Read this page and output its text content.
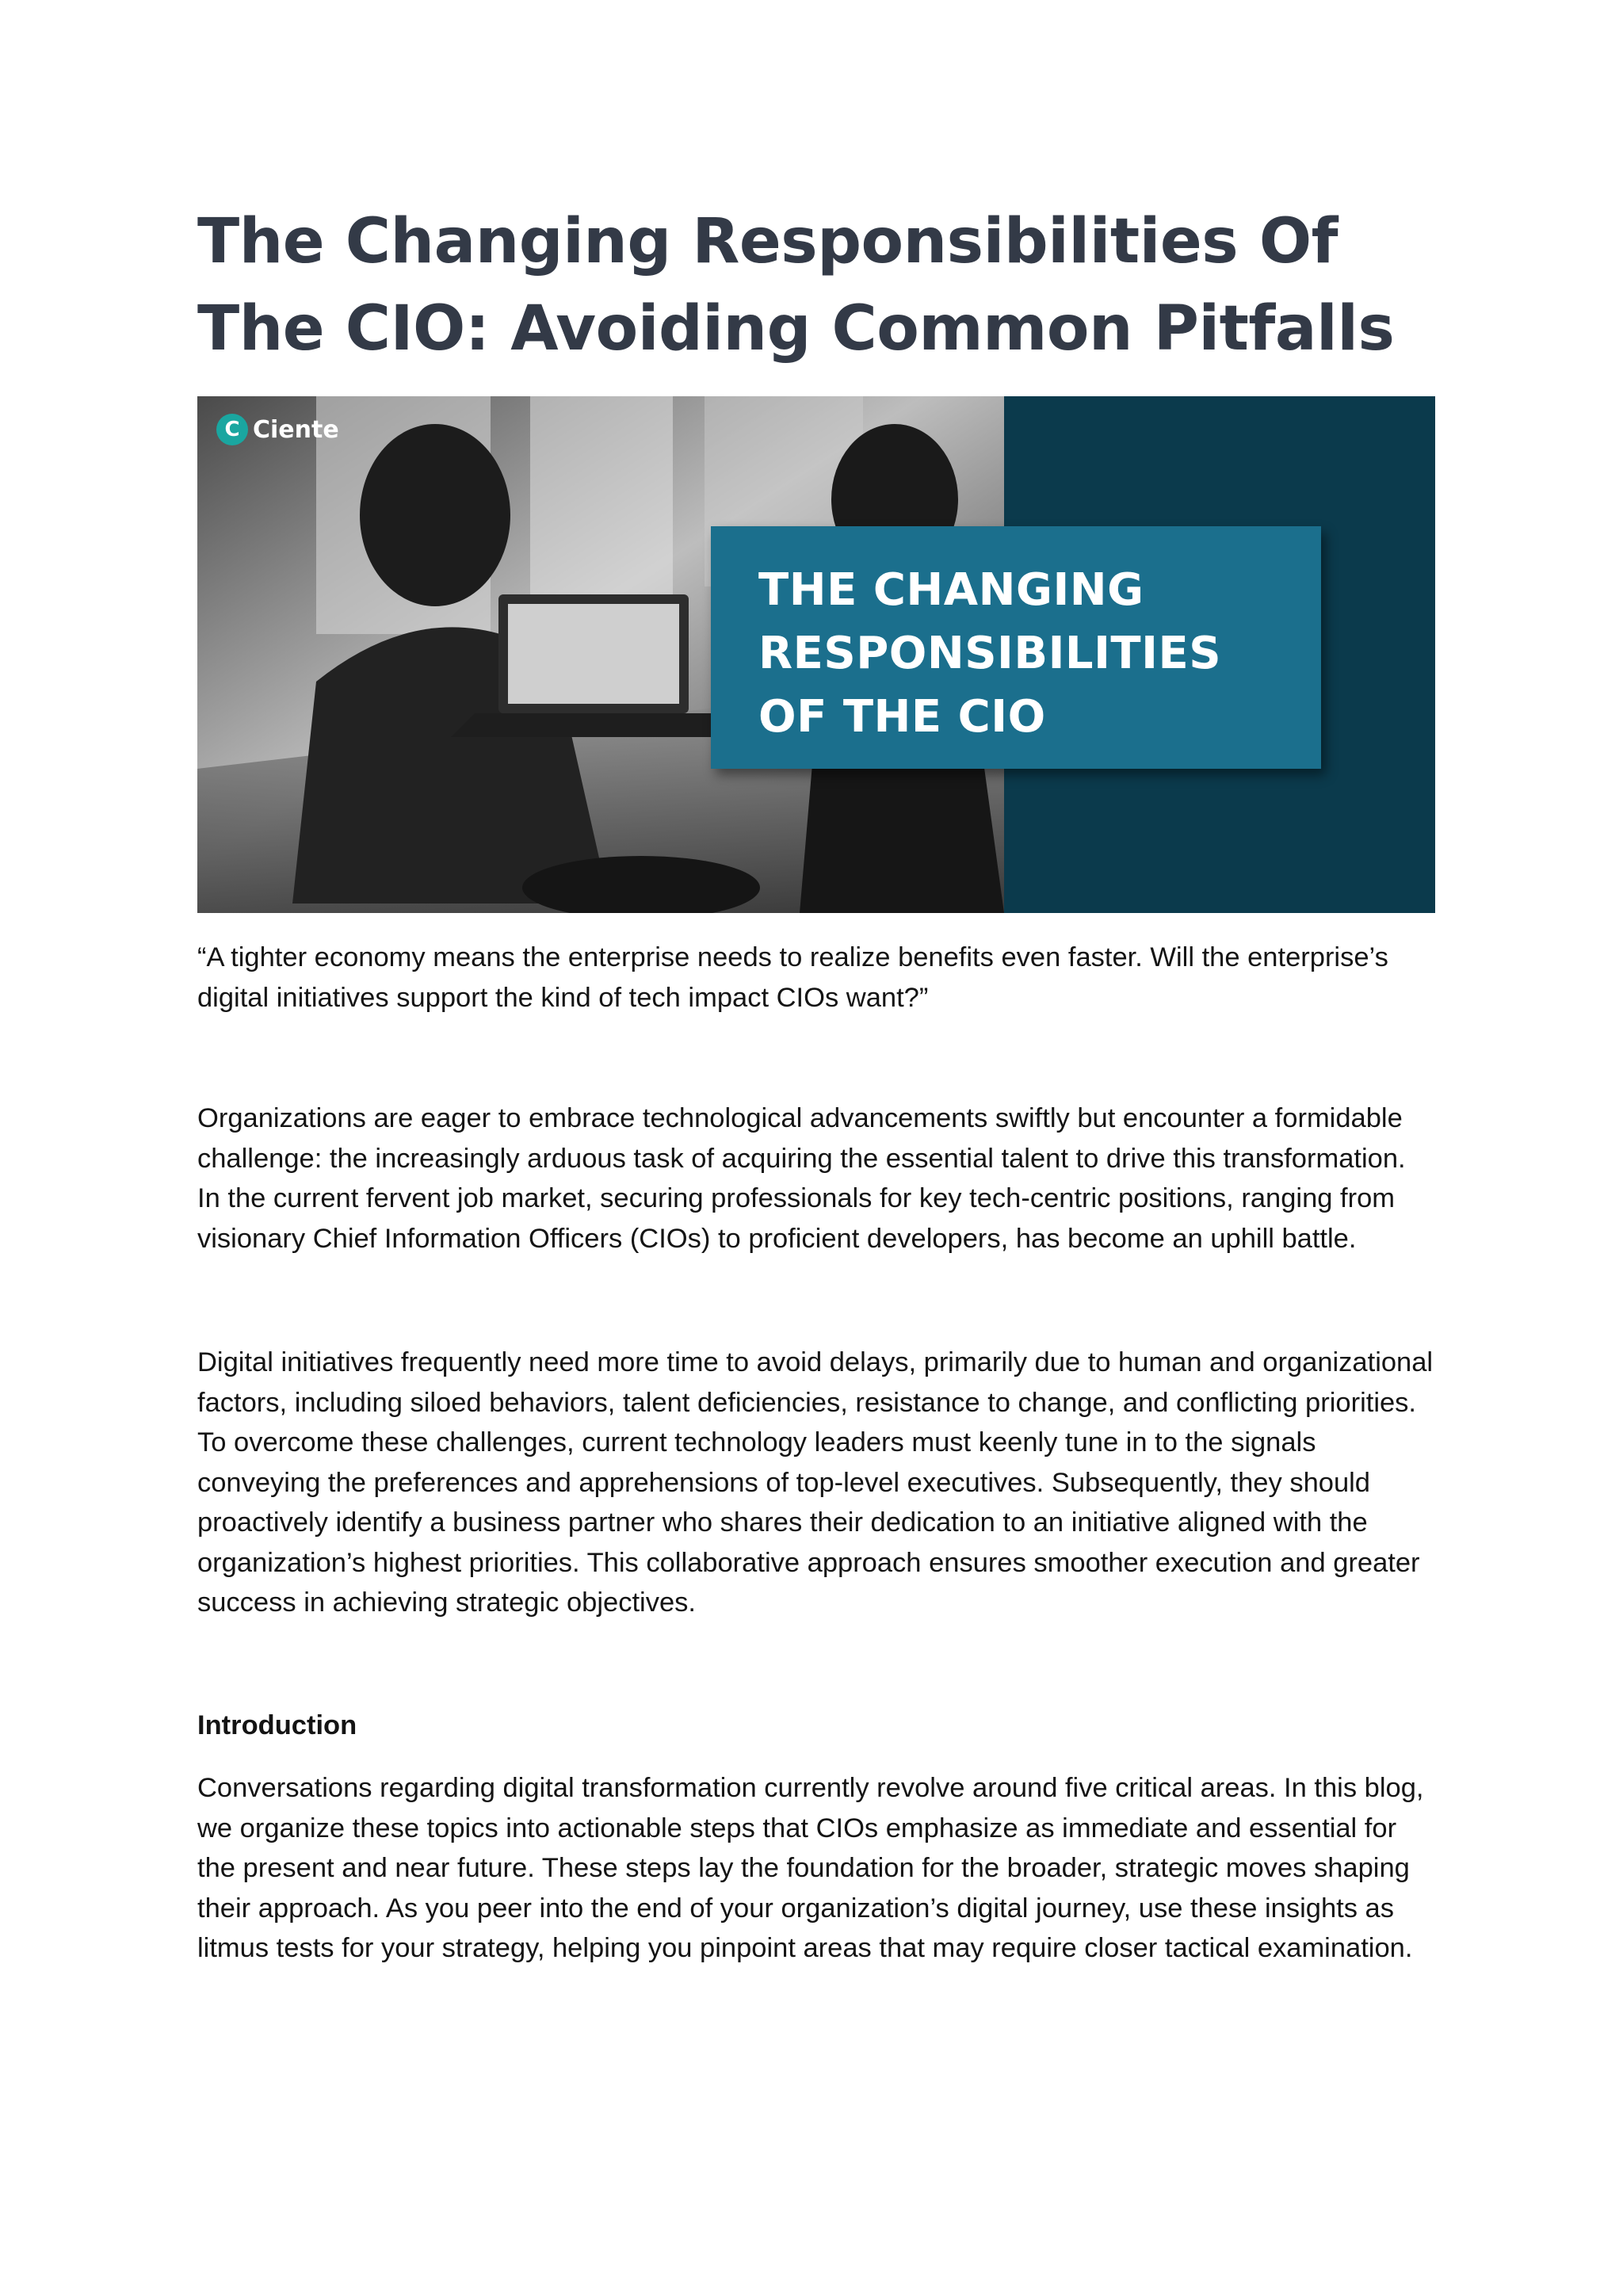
The Changing Responsibilities Of The CIO: Avoiding Common Pitfalls
C Ciente
THE CHANGING
RESPONSIBILITIES
OF THE CIO

“A tighter economy means the enterprise needs to realize benefits even faster. Will the enterprise’s digital initiatives support the kind of tech impact CIOs want?”

Organizations are eager to embrace technological advancements swiftly but encounter a formidable challenge: the increasingly arduous task of acquiring the essential talent to drive this transformation. In the current fervent job market, securing professionals for key tech-centric positions, ranging from visionary Chief Information Officers (CIOs) to proficient developers, has become an uphill battle.

Digital initiatives frequently need more time to avoid delays, primarily due to human and organizational factors, including siloed behaviors, talent deficiencies, resistance to change, and conflicting priorities. To overcome these challenges, current technology leaders must keenly tune in to the signals conveying the preferences and apprehensions of top-level executives. Subsequently, they should proactively identify a business partner who shares their dedication to an initiative aligned with the organization’s highest priorities. This collaborative approach ensures smoother execution and greater success in achieving strategic objectives.

Introduction

Conversations regarding digital transformation currently revolve around five critical areas. In this blog, we organize these topics into actionable steps that CIOs emphasize as immediate and essential for the present and near future. These steps lay the foundation for the broader, strategic moves shaping their approach. As you peer into the end of your organization’s digital journey, use these insights as litmus tests for your strategy, helping you pinpoint areas that may require closer tactical examination.
